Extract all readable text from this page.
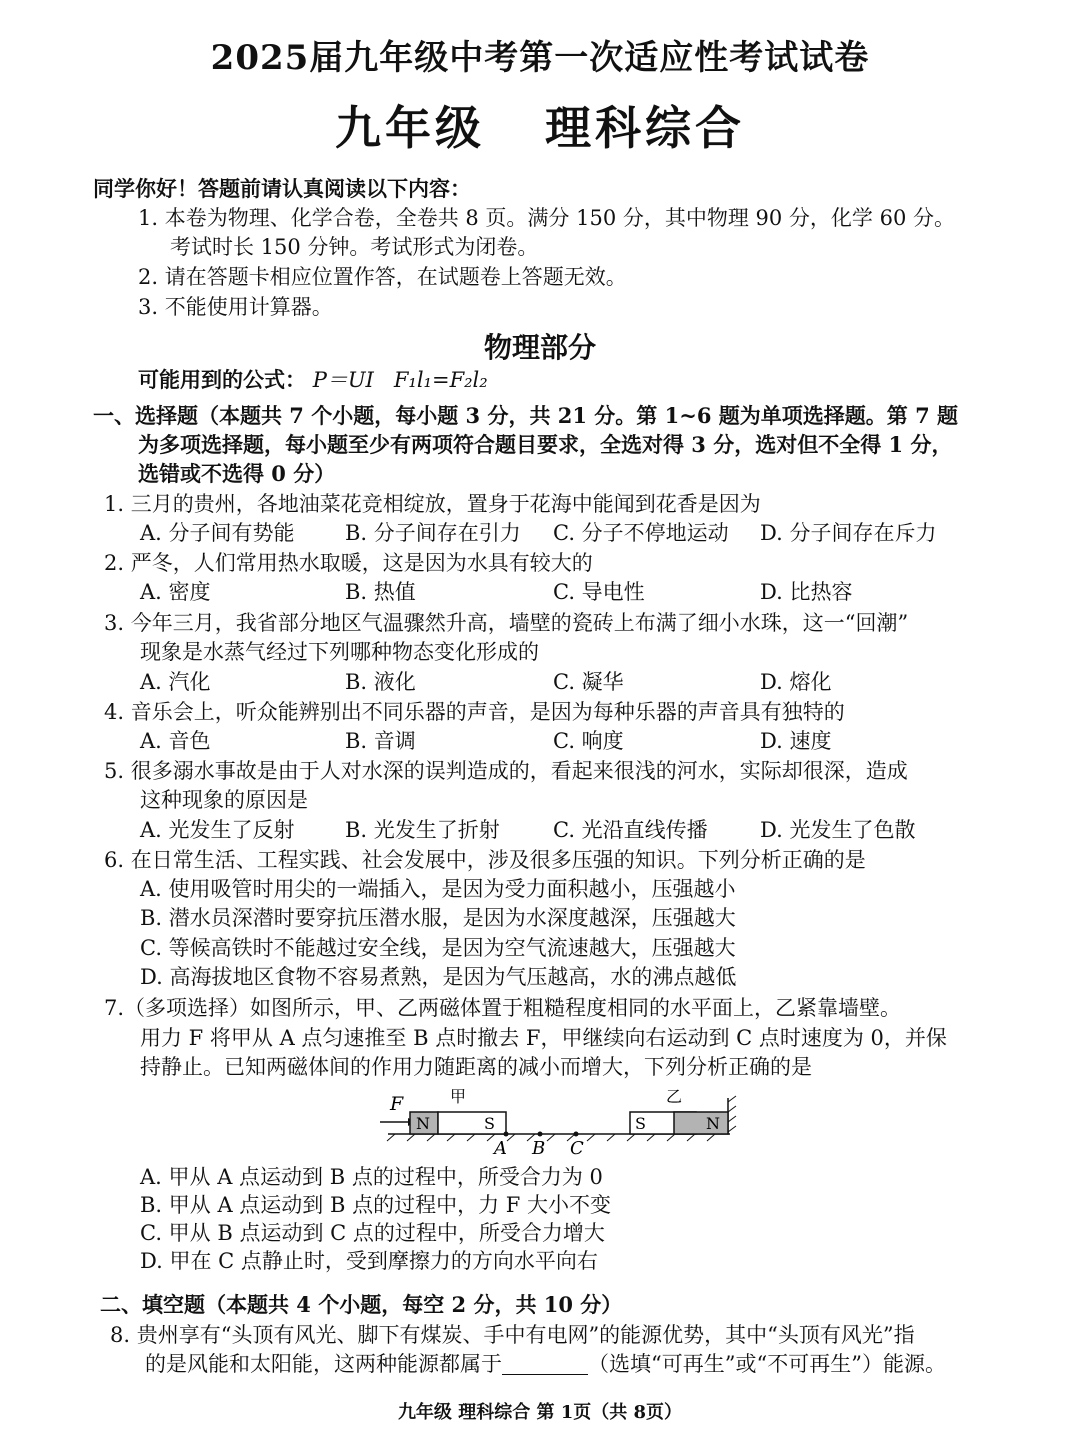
2025届九年级中考第一次适应性考试试卷
九年级   理科综合
同学你好！答题前请认真阅读以下内容：
1. 本卷为物理、化学合卷，全卷共 8 页。满分 150 分，其中物理 90 分，化学 60 分。
考试时长 150 分钟。考试形式为闭卷。
2. 请在答题卡相应位置作答，在试题卷上答题无效。
3. 不能使用计算器。
物理部分
可能用到的公式： P＝UI F₁l₁=F₂l₂
一、选择题（本题共 7 个小题，每小题 3 分，共 21 分。第 1~6 题为单项选择题。第 7 题
为多项选择题，每小题至少有两项符合题目要求，全选对得 3 分，选对但不全得 1 分，
选错或不选得 0 分）
1. 三月的贵州，各地油菜花竞相绽放，置身于花海中能闻到花香是因为
A. 分子间有势能 B. 分子间存在引力 C. 分子不停地运动 D. 分子间存在斥力
2. 严冬，人们常用热水取暖，这是因为水具有较大的
A. 密度	B. 热值	C. 导电性	D. 比热容
3. 今年三月，我省部分地区气温骤然升高，墙壁的瓷砖上布满了细小水珠，这一“回潮”
现象是水蒸气经过下列哪种物态变化形成的
A. 汽化	B. 液化	C. 凝华	D. 熔化
4. 音乐会上，听众能辨别出不同乐器的声音，是因为每种乐器的声音具有独特的
A. 音色	B. 音调	C. 响度	D. 速度
5. 很多溺水事故是由于人对水深的误判造成的，看起来很浅的河水，实际却很深，造成
这种现象的原因是
A. 光发生了反射 B. 光发生了折射	C. 光沿直线传播 D. 光发生了色散
6. 在日常生活、工程实践、社会发展中，涉及很多压强的知识。下列分析正确的是
A. 使用吸管时用尖的一端插入，是因为受力面积越小，压强越小
B. 潜水员深潜时要穿抗压潜水服，是因为水深度越深，压强越大
C. 等候高铁时不能越过安全线，是因为空气流速越大，压强越大
D. 高海拔地区食物不容易煮熟，是因为气压越高，水的沸点越低
7.（多项选择）如图所示，甲、乙两磁体置于粗糙程度相同的水平面上，乙紧靠墙壁。
用力 F 将甲从 A 点匀速推至 B 点时撤去 F，甲继续向右运动到 C 点时速度为 0，并保
持静止。已知两磁体间的作用力随距离的减小而增大，下列分析正确的是
F
N	S
甲
S	N
乙
A B C
A. 甲从 A 点运动到 B 点的过程中，所受合力为 0
B. 甲从 A 点运动到 B 点的过程中，力 F 大小不变
C. 甲从 B 点运动到 C 点的过程中，所受合力增大
D. 甲在 C 点静止时，受到摩擦力的方向水平向右
二、填空题（本题共 4 个小题，每空 2 分，共 10 分）
8. 贵州享有“头顶有风光、脚下有煤炭、手中有电网”的能源优势，其中“头顶有风光”指
的是风能和太阳能，这两种能源都属于	（选填“可再生”或“不可再生”）能源。
九年级 理科综合 第 1页（共 8页）
